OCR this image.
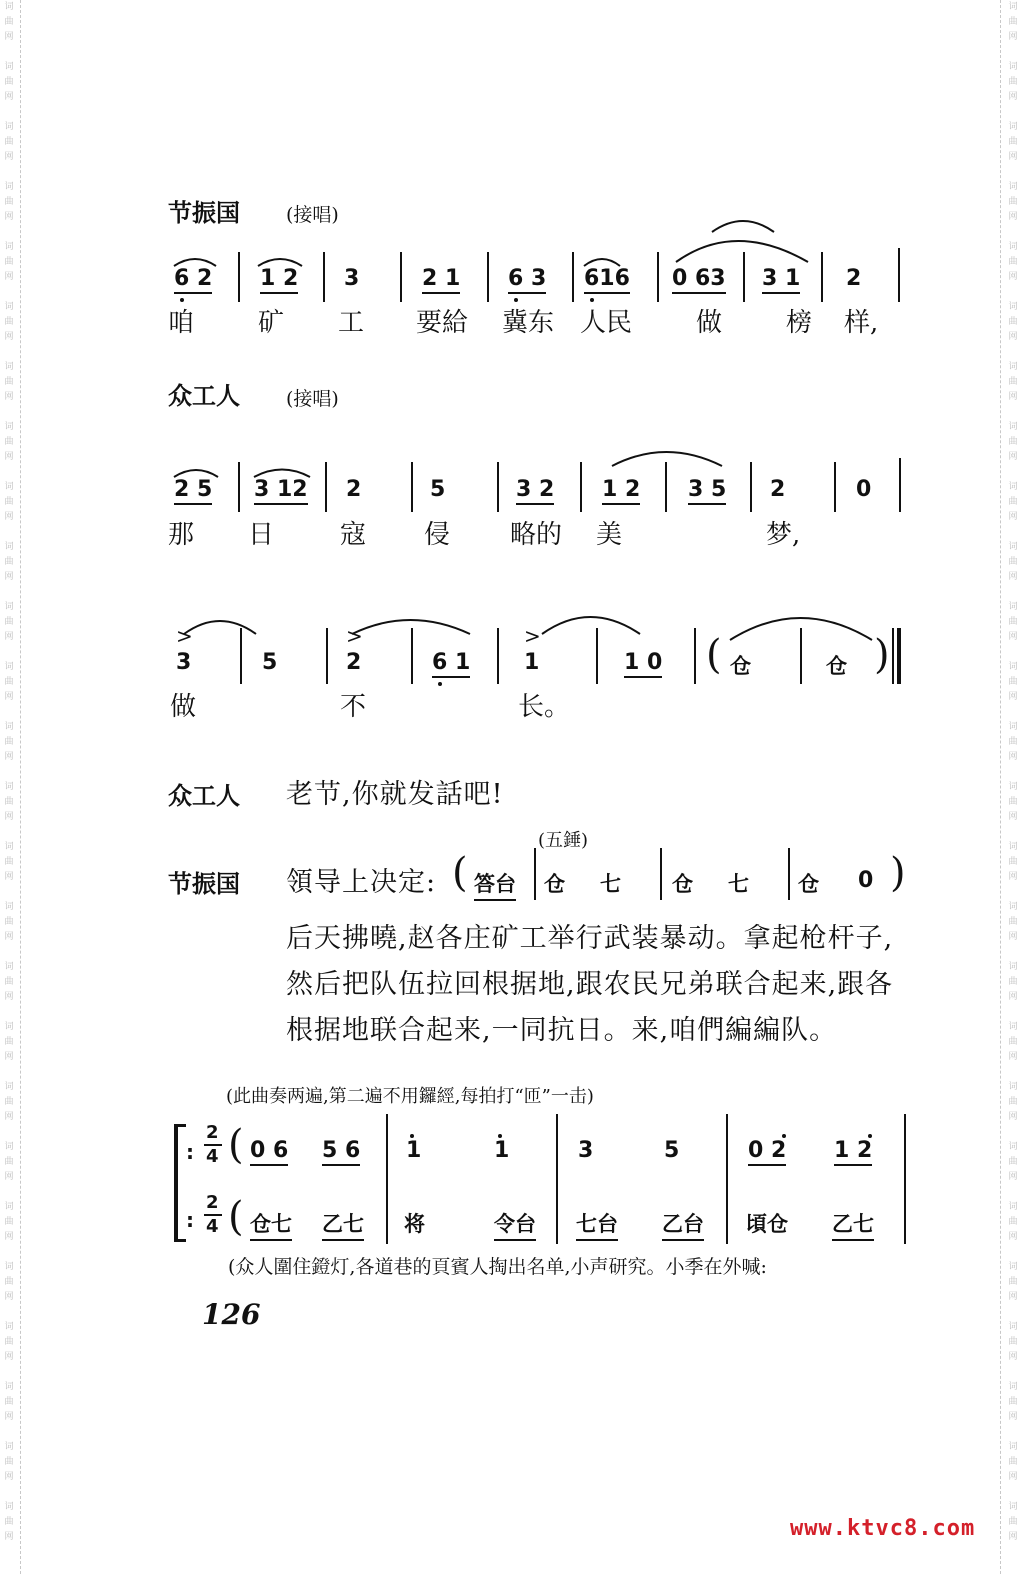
词
曲
网
词
曲
网
词
曲
网
词
曲
网
词
曲
网
词
曲
网
词
曲
网
词
曲
网
词
曲
网
词
曲
网
词
曲
网
词
曲
网
词
曲
网
词
曲
网
词
曲
网
词
曲
网
词
曲
网
词
曲
网
词
曲
网
词
曲
网
词
曲
网
词
曲
网
词
曲
网
词
曲
网
词
曲
网
词
曲
网
词
曲
网
词
曲
网
词
曲
网
词
曲
网
词
曲
网
词
曲
网
词
曲
网
词
曲
网
词
曲
网
词
曲
网
词
曲
网
词
曲
网
词
曲
网
词
曲
网
词
曲
网
词
曲
网
词
曲
网
词
曲
网
词
曲
网
词
曲
网
词
曲
网
词
曲
网
词
曲
网
词
曲
网
词
曲
网
词
曲
网
节振国 (接唱)
6 2 1 2 3	2 1 6 3 616 0 63 3 1 2
咱 矿 工 要給 冀东 人民 做 榜 样,
众工人 (接唱)
2 5 3 12 2	5	3 2 1 2 3 5 2	0
那 日	寇 侵 略的 美	梦,
>	>	>
3	5	2	6 1 1	1 0 ( 仓	仓 )
做	不	长。
众工人 老节,你就发話吧!
(五錘)
节振国 領导上决定: ( 答台 仓 七 仓 七 仓 0 )
后天拂曉,赵各庄矿工举行武装暴动。拿起枪杆子,
然后把队伍拉回根据地,跟农民兄弟联合起来,跟各
根据地联合起来,一同抗日。来,咱們編編队。
(此曲奏两遍,第二遍不用鑼經,每拍打“匝”一击)
:
:
2
4
2
4
(
(
0 6 5 6 1	1	3	5	0 2 1 2
仓七 乙七 将	令台 七台 乙台 頃仓 乙七
(众人圍住鐙灯,各道巷的頁賓人掏出名单,小声研究。小季在外喊:
126
www.ktvc8.com
